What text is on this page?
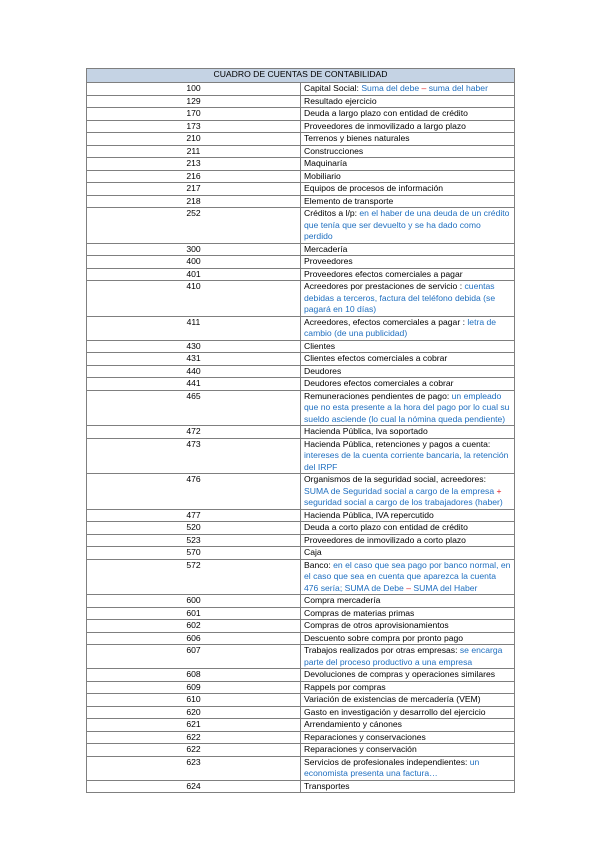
CUADRO DE CUENTAS DE CONTABILIDAD	
100	Capital Social: Suma del debe – suma del haber
129	Resultado ejercicio
170	Deuda a largo plazo con entidad de crédito
173	Proveedores de inmovilizado a largo plazo
210	Terrenos y bienes naturales
211	Construcciones
213	Maquinaría
216	Mobiliario
217	Equipos de procesos de información
218	Elemento de transporte
252	Créditos a l/p: en el haber de una deuda de un crédito que tenía que ser devuelto y se ha dado como perdido
300	Mercadería
400	Proveedores
401	Proveedores efectos comerciales a pagar
410	Acreedores por prestaciones de servicio : cuentas debidas a terceros, factura del teléfono debida (se pagará en 10 días)
411	Acreedores, efectos comerciales a pagar : letra de cambio (de una publicidad)
430	Clientes
431	Clientes efectos comerciales a cobrar
440	Deudores
441	Deudores efectos comerciales a cobrar
465	Remuneraciones pendientes de pago: un empleado que no esta presente a la hora del pago por lo cual su sueldo asciende (lo cual la nómina queda pendiente)
472	Hacienda Pública, Iva soportado
473	Hacienda Pública, retenciones y pagos a cuenta: intereses de la cuenta corriente bancaria, la retención del IRPF
476	Organismos de la seguridad social, acreedores: SUMA de Seguridad social a cargo de la empresa + seguridad social a cargo de los trabajadores (haber)
477	Hacienda Pública, IVA repercutido
520	Deuda a corto plazo con entidad de crédito
523	Proveedores de inmovilizado a corto plazo
570	Caja
572	Banco: en el caso que sea pago por banco normal, en el caso que sea en cuenta que aparezca la cuenta 476 sería; SUMA de Debe – SUMA del Haber
600	Compra mercadería
601	Compras de materias primas
602	Compras de otros aprovisionamientos
606	Descuento sobre compra por pronto pago
607	Trabajos realizados por otras empresas: se encarga parte del proceso productivo a una empresa
608	Devoluciones de compras y operaciones similares
609	Rappels por compras
610	Variación de existencias de mercadería (VEM)
620	Gasto en investigación y desarrollo del ejercicio
621	Arrendamiento y cánones
622	Reparaciones y conservaciones
622	Reparaciones y conservación
623	Servicios de profesionales independientes: un economista presenta una factura…
624	Transportes
